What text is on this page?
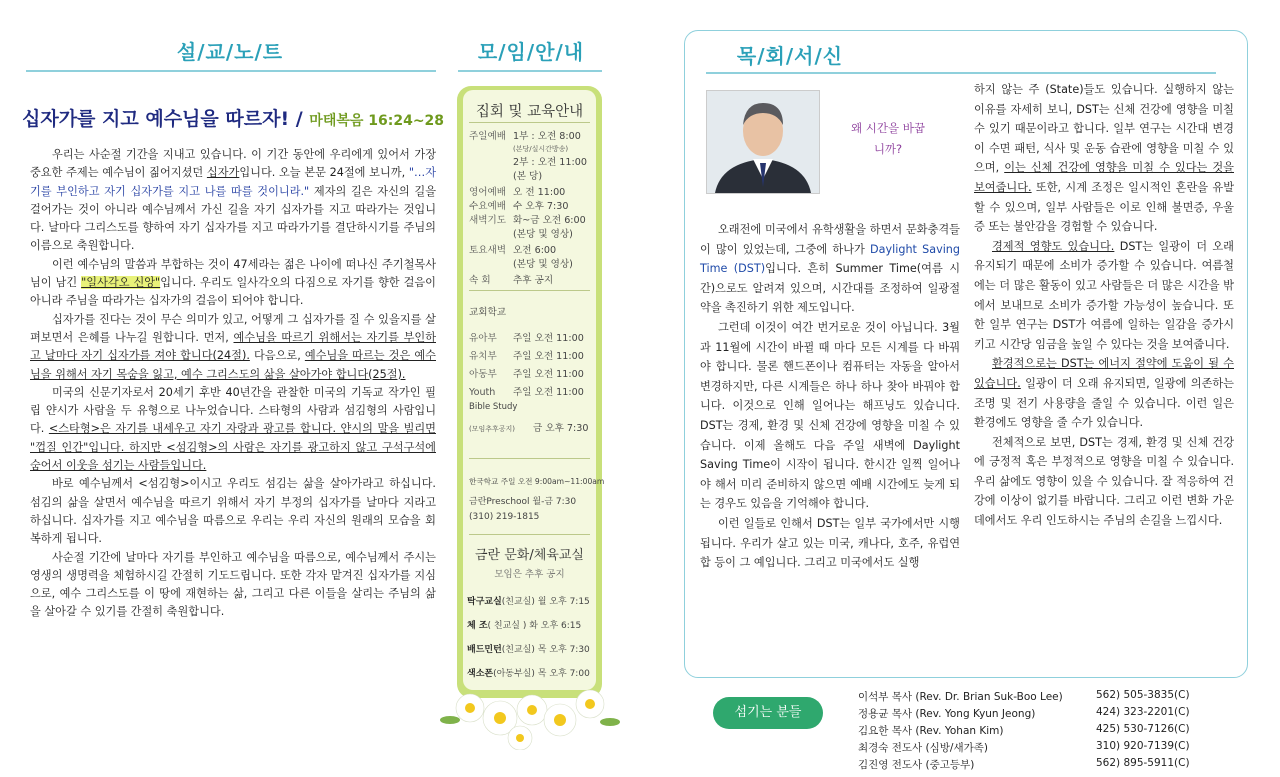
설/교/노/트	모/임/안/내	목/회/서/신
십자가를 지고 예수님을 따르자! / 마태복음 16:24~28

우리는 사순절 기간을 지내고 있습니다. 이 기간 동안에 우리에게 있어서 가장 중요한 주제는 예수님이 짊어지셨던 십자가입니다. 오늘 본문 24절에 보니까, "…자기를 부인하고 자기 십자가를 지고 나를 따를 것이니라." 제자의 길은 자신의 길을 걸어가는 것이 아니라 예수님께서 가신 길을 자기 십자가를 지고 따라가는 것입니다. 날마다 그리스도를 향하여 자기 십자가를 지고 따라가기를 결단하시기를 주님의 이름으로 축원합니다.

이런 예수님의 말씀과 부합하는 것이 47세라는 젊은 나이에 떠나신 주기철목사님이 남긴 "일사각오 신앙"입니다. 우리도 일사각오의 다짐으로 자기를 향한 걸음이 아니라 주님을 따라가는 십자가의 걸음이 되어야 합니다.

십자가를 진다는 것이 무슨 의미가 있고, 어떻게 그 십자가를 질 수 있을지를 살펴보면서 은혜를 나누길 원합니다. 먼저, 예수님을 따르기 위해서는 자기를 부인하고 날마다 자기 십자가를 져야 합니다(24절). 다음으로, 예수님을 따르는 것은 예수님을 위해서 자기 목숨을 잃고, 예수 그리스도의 삶을 살아가야 합니다(25절).

미국의 신문기자로서 20세기 후반 40년간을 관찰한 미국의 기독교 작가인 필립 얀시가 사람을 두 유형으로 나누었습니다. 스타형의 사람과 섬김형의 사람입니다. <스타형>은 자기를 내세우고 자기 자랑과 광고를 합니다. 얀시의 말을 빌리면 "껍질 인간"입니다. 하지만 <섬김형>의 사람은 자기를 광고하지 않고 구석구석에 숨어서 이웃을 섬기는 사람들입니다.

바로 예수님께서 <섬김형>이시고 우리도 섬김는 삶을 살아가라고 하십니다. 섬김의 삶을 살면서 예수님을 따르기 위해서 자기 부정의 십자가를 날마다 지라고 하십니다. 십자가를 지고 예수님을 따름으로 우리는 우리 자신의 원래의 모습을 회복하게 됩니다.

사순절 기간에 날마다 자기를 부인하고 예수님을 따름으로, 예수님께서 주시는 영생의 생명력을 체험하시길 간절히 기도드립니다. 또한 각자 맡겨진 십자가를 지심으로, 예수 그리스도를 이 땅에 재현하는 삶, 그리고 다른 이들을 살리는 주님의 삶을 살아갈 수 있기를 간절히 축원합니다.

집회 및 교육안내
주일예배 1부 : 오전 8:00
(본당/실시간방송)
2부 : 오전 11:00
(본 당)
영어예배 오 전 11:00
수요예배 수 오후 7:30
새벽기도 화~금 오전 6:00
(본당 및 영상)
토요새벽 오전 6:00
(본당 및 영상)
속 회 추후 공지
교회학교
유아부 주일 오전 11:00
유치부 주일 오전 11:00
아동부 주일 오전 11:00
Youth 주일 오전 11:00
Bible Study
(모임추후공지) 금 오후 7:30
한국학교 주일 오전 9:00am~11:00am
금란Preschool 월-금 7:30
(310) 219-1815
금란 문화/체육교실
모임은 추후 공지
탁구교실(친교실) 월 오후 7:15
체 조( 친교실 ) 화 오후 6:15
배드민턴(친교실) 목 오후 7:30
색소폰(아동부실) 목 오후 7:00
왜 시간을 바꿉니까?

오래전에 미국에서 유학생활을 하면서 문화충격들이 많이 있었는데, 그중에 하나가 Daylight Saving Time (DST)입니다. 흔히 Summer Time(여름 시간)으로도 알려져 있으며, 시간대를 조정하여 일광절약을 촉진하기 위한 제도입니다.

그런데 이것이 여간 번거로운 것이 아닙니다. 3월과 11월에 시간이 바뀔 때 마다 모든 시계를 다 바꿔야 합니다. 물론 핸드폰이나 컴퓨터는 자동을 알아서 변경하지만, 다른 시계들은 하나 하나 찾아 바꿔야 합니다. 이것으로 인해 일어나는 해프닝도 있습니다. DST는 경제, 환경 및 신체 건강에 영향을 미칠 수 있습니다. 이제 올해도 다음 주일 새벽에 Daylight Saving Time이 시작이 됩니다. 한시간 일찍 일어나야 해서 미리 준비하지 않으면 예배 시간에도 늦게 되는 경우도 있음을 기억해야 합니다.

이런 일들로 인해서 DST는 일부 국가에서만 시행됩니다. 우리가 살고 있는 미국, 캐나다, 호주, 유럽연합 등이 그 예입니다. 그리고 미국에서도 실행

하지 않는 주 (State)들도 있습니다. 실행하지 않는 이유를 자세히 보니, DST는 신체 건강에 영향을 미칠 수 있기 때문이라고 합니다. 일부 연구는 시간대 변경이 수면 패턴, 식사 및 운동 습관에 영향을 미칠 수 있으며, 이는 신체 건강에 영향을 미칠 수 있다는 것을 보여줍니다. 또한, 시계 조정은 일시적인 혼란을 유발할 수 있으며, 일부 사람들은 이로 인해 불면증, 우울증 또는 불안감을 경험할 수 있습니다.

경제적 영향도 있습니다. DST는 일광이 더 오래 유지되기 때문에 소비가 증가할 수 있습니다. 여름철에는 더 많은 활동이 있고 사람들은 더 많은 시간을 밖에서 보내므로 소비가 증가할 가능성이 높습니다. 또한 일부 연구는 DST가 여름에 일하는 일감을 증가시키고 시간당 임금을 높일 수 있다는 것을 보여줍니다.

환경적으로는 DST는 에너지 절약에 도움이 될 수 있습니다. 일광이 더 오래 유지되면, 일광에 의존하는 조명 및 전기 사용량을 줄일 수 있습니다. 이런 일은 환경에도 영향을 줄 수가 있습니다.

전체적으로 보면, DST는 경제, 환경 및 신체 건강에 긍정적 혹은 부정적으로 영향을 미칠 수 있습니다. 우리 삶에도 영향이 있을 수 있습니다. 잘 적응하여 건강에 이상이 없기를 바랍니다. 그리고 이런 변화 가운데에서도 우리 인도하시는 주님의 손길을 느낍시다.

섬기는 분들
이석부 목사 (Rev. Dr. Brian Suk-Boo Lee)	562) 505-3835(C)
정용균 목사 (Rev. Yong Kyun Jeong)	424) 323-2201(C)
김요한 목사 (Rev. Yohan Kim)	425) 530-7126(C)
최경숙 전도사 (심방/새가족)	310) 920-7139(C)
김진영 전도사 (중고등부)	562) 895-5911(C)
